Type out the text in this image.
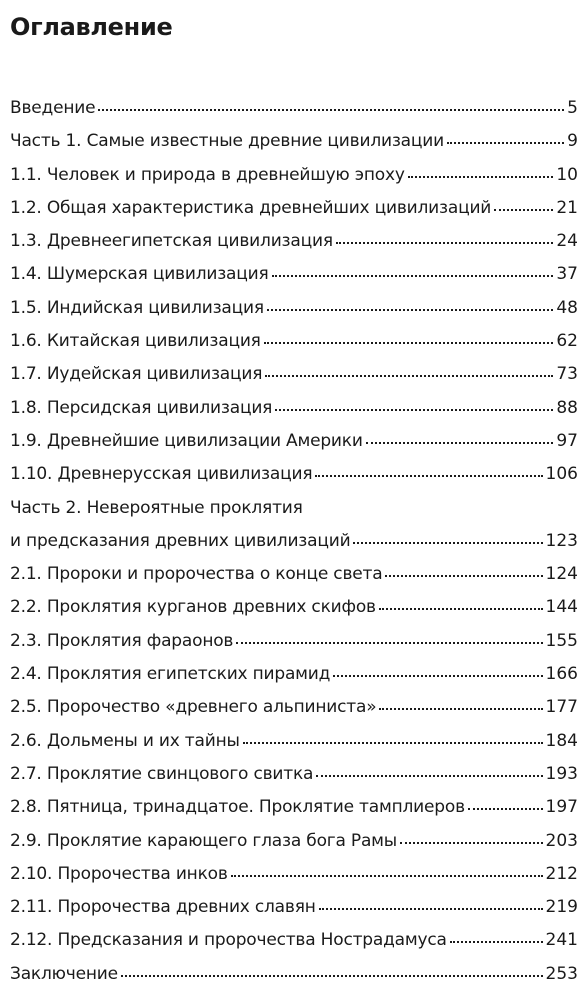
Оглавление
Введение	5
Часть 1. Самые известные древние цивилизации	9
1.1. Человек и природа в древнейшую эпоху	10
1.2. Общая характеристика древнейших цивилизаций	21
1.3. Древнеегипетская цивилизация	24
1.4. Шумерская цивилизация	37
1.5. Индийская цивилизация	48
1.6. Китайская цивилизация	62
1.7. Иудейская цивилизация	73
1.8. Персидская цивилизация	88
1.9. Древнейшие цивилизации Америки	97
1.10. Древнерусская цивилизация	106
Часть 2. Невероятные проклятия
и предсказания древних цивилизаций	123
2.1. Пророки и пророчества о конце света	124
2.2. Проклятия курганов древних скифов	144
2.3. Проклятия фараонов	155
2.4. Проклятия египетских пирамид	166
2.5. Пророчество «древнего альпиниста»	177
2.6. Дольмены и их тайны	184
2.7. Проклятие свинцового свитка	193
2.8. Пятница, тринадцатое. Проклятие тамплиеров	197
2.9. Проклятие карающего глаза бога Рамы	203
2.10. Пророчества инков	212
2.11. Пророчества древних славян	219
2.12. Предсказания и пророчества Нострадамуса	241
Заключение	253
